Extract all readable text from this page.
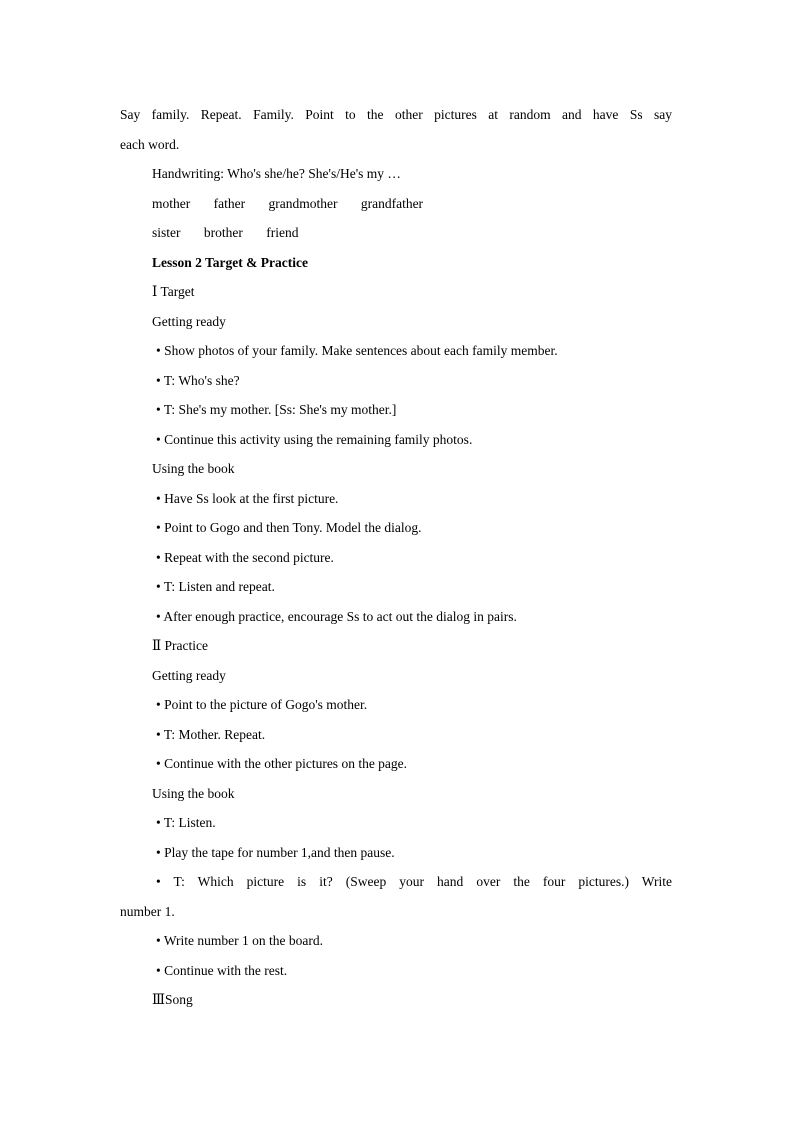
Say family. Repeat. Family. Point to the other pictures at random and have Ss say
each word.
Handwriting: Who's she/he? She's/He's my …
mother father grandmother grandfather
sister brother friend
Lesson 2 Target & Practice
Ⅰ Target
Getting ready
• Show photos of your family. Make sentences about each family member.
• T: Who's she?
• T: She's my mother. [Ss: She's my mother.]
• Continue this activity using the remaining family photos.
Using the book
• Have Ss look at the first picture.
• Point to Gogo and then Tony. Model the dialog.
• Repeat with the second picture.
• T: Listen and repeat.
• After enough practice, encourage Ss to act out the dialog in pairs.
Ⅱ Practice
Getting ready
• Point to the picture of Gogo's mother.
• T: Mother. Repeat.
• Continue with the other pictures on the page.
Using the book
• T: Listen.
• Play the tape for number 1,and then pause.
• T: Which picture is it? (Sweep your hand over the four pictures.) Write
number 1.
• Write number 1 on the board.
• Continue with the rest.
ⅢSong
